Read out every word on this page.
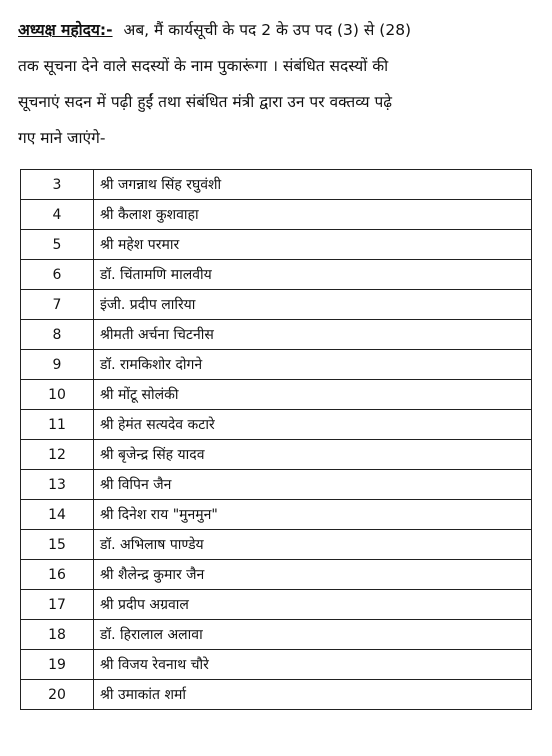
अध्यक्ष महोदय:- अब, मैं कार्यसूची के पद 2 के उप पद (3) से (28)

तक सूचना देने वाले सदस्यों के नाम पुकारूंगा । संबंधित सदस्यों की

सूचनाएं सदन में पढ़ी हुईं तथा संबंधित मंत्री द्वारा उन पर वक्तव्य पढ़े

गए माने जाएंगे-

3	श्री जगन्नाथ सिंह रघुवंशी
4	श्री कैलाश कुशवाहा
5	श्री महेश परमार
6	डॉ. चिंतामणि मालवीय
7	इंजी. प्रदीप लारिया
8	श्रीमती अर्चना चिटनीस
9	डॉ. रामकिशोर दोगने
10	श्री मोंटू सोलंकी
11	श्री हेमंत सत्यदेव कटारे
12	श्री बृजेन्द्र सिंह यादव
13	श्री विपिन जैन
14	श्री दिनेश राय "मुनमुन"
15	डॉ. अभिलाष पाण्डेय
16	श्री शैलेन्द्र कुमार जैन
17	श्री प्रदीप अग्रवाल
18	डॉ. हिरालाल अलावा
19	श्री विजय रेवनाथ चौरे
20	श्री उमाकांत शर्मा
